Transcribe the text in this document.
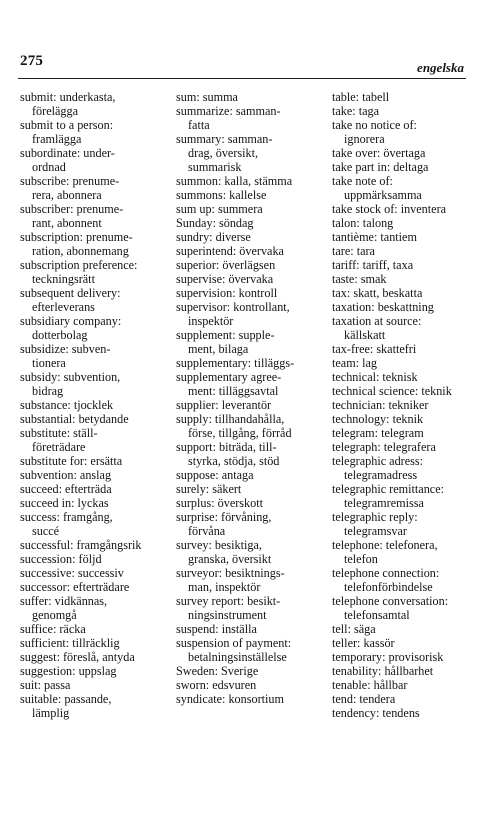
275	engelska

submit: underkasta,
förelägga

submit to a person:
framlägga

subordinate: under-
ordnad

subscribe: prenume-
rera, abonnera

subscriber: prenume-
rant, abonnent

subscription: prenume-
ration, abonnemang

subscription preference:
teckningsrätt

subsequent delivery:
efterleverans

subsidiary company:
dotterbolag

subsidize: subven-
tionera

subsidy: subvention,
bidrag

substance: tjocklek

substantial: betydande

substitute: ställ-
företrädare

substitute for: ersätta

subvention: anslag

succeed: efterträda

succeed in: lyckas

success: framgång,
succé

successful: framgångsrik

succession: följd

successive: successiv

successor: efterträdare

suffer: vidkännas,
genomgå

suffice: räcka

sufficient: tillräcklig

suggest: föreslå, antyda

suggestion: uppslag

suit: passa

suitable: passande,
lämplig

sum: summa

summarize: samman-
fatta

summary: samman-
drag, översikt,
summarisk

summon: kalla, stämma

summons: kallelse

sum up: summera

Sunday: söndag

sundry: diverse

superintend: övervaka

superior: överlägsen

supervise: övervaka

supervision: kontroll

supervisor: kontrollant,
inspektör

supplement: supple-
ment, bilaga

supplementary: tilläggs-

supplementary agree-
ment: tilläggsavtal

supplier: leverantör

supply: tillhandahålla,
förse, tillgång, förråd

support: biträda, till-
styrka, stödja, stöd

suppose: antaga

surely: säkert

surplus: överskott

surprise: förvåning,
förvåna

survey: besiktiga,
granska, översikt

surveyor: besiktnings-
man, inspektör

survey report: besikt-
ningsinstrument

suspend: inställa

suspension of payment:
betalningsinställelse

Sweden: Sverige

sworn: edsvuren

syndicate: konsortium

table: tabell

take: taga

take no notice of:
ignorera

take over: övertaga

take part in: deltaga

take note of:
uppmärksamma

take stock of: inventera

talon: talong

tantième: tantiem

tare: tara

tariff: tariff, taxa

taste: smak

tax: skatt, beskatta

taxation: beskattning

taxation at source:
källskatt

tax-free: skattefri

team: lag

technical: teknisk

technical science: teknik

technician: tekniker

technology: teknik

telegram: telegram

telegraph: telegrafera

telegraphic adress:
telegramadress

telegraphic remittance:
telegramremissa

telegraphic reply:
telegramsvar

telephone: telefonera,
telefon

telephone connection:
telefonförbindelse

telephone conversation:
telefonsamtal

tell: säga

teller: kassör

temporary: provisorisk

tenability: hållbarhet

tenable: hållbar

tend: tendera

tendency: tendens
